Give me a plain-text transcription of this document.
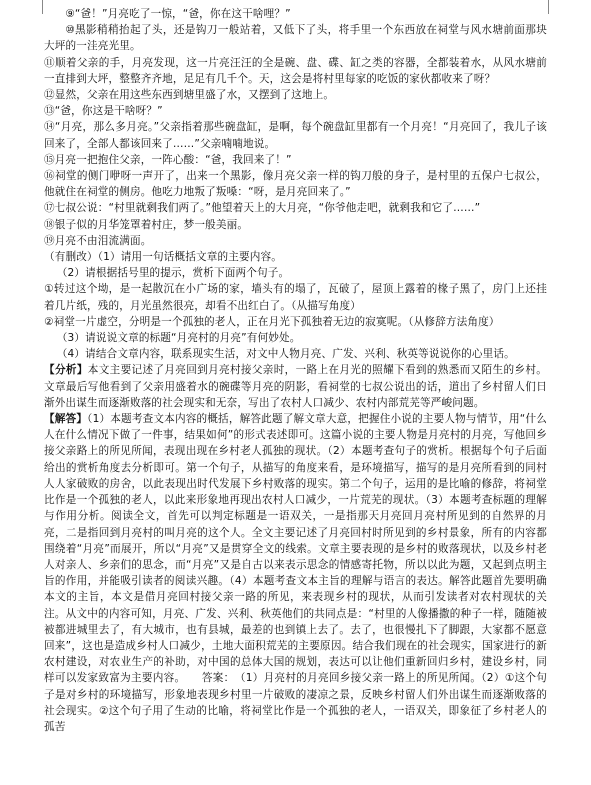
⑨“爸！”月亮吃了一惊，“爸，你在这干啥哩？”

⑩黑影稍稍抬起了头，还是钩刀一般站着，又低下了头，将手里一个东西放在祠堂与风水塘前面那块大坪的一洼亮光里。

⑪顺着父亲的手，月亮发现，这一片亮汪汪的全是碗、盘、碟、缸之类的容器，全都装着水，从风水塘前一直排到大坪，整整齐齐地，足足有几千个。天，这会是将村里每家的吃饭的家伙都收来了呀？

⑫显然，父亲在用这些东西到塘里盛了水，又摆到了这地上。

⑬“爸，你这是干啥呀？”

⑭“月亮，那么多月亮。”父亲指着那些碗盘缸，是啊，每个碗盘缸里都有一个月亮！“月亮回了，我儿子该回来了，全部人都该回来了……”父亲喃喃地说。

⑮月亮一把抱住父亲，一阵心酸：“爸，我回来了！”

⑯祠堂的侧门咿呀一声开了，出来一个黑影，像月亮父亲一样的钩刀般的身子，是村里的五保户七叔公，他就住在祠堂的侧房。他吃力地叛了叛嗓：“呀，是月亮回来了。”

⑰七叔公说：“村里就剩我们两了。”他望着天上的大月亮，“你爷他走吧，就剩我和它了……”

⑱银子似的月华笼罩着村庄，梦一般美丽。

⑲月亮不由泪流满面。

（有删改）（1）请用一句话概括文章的主要内容。

（2）请根据括号里的提示，赏析下面两个句子。

①转过这个坳，是一起散沉在小广场的家，墙头有的塌了，瓦破了，屋顶上露着的椽子黑了，房门上还挂着几片纸，残的，月光虽然很亮，却看不出红白了。（从描写角度）

②祠堂一片虚空，分明是一个孤独的老人，正在月光下孤独着无边的寂寞呢。（从修辞方法角度）

（3）请说说文章的标题“月亮村的月亮”有何妙处。

（4）请结合文章内容，联系现实生活，对文中人物月亮、广发、兴利、秋英等说说你的心里话。

【分析】本文主要记述了月亮回到月亮村接父亲时，一路上在月光的照耀下看到的熟悉而又陌生的乡村。文章最后写他看到了父亲用盛着水的碗碟等月亮的阴影，看祠堂的七叔公说出的话，道出了乡村留人们日渐外出谋生而逐渐败落的社会现实和无奈，写出了农村人口减少、农村内部荒芜等严峻问题。

【解答】（1）本题考查文本内容的概括，解答此题了解文章大意，把握住小说的主要人物与情节，用“什么人在什么情况下做了一件事，结果如何”的形式表述即可。这篇小说的主要人物是月亮村的月亮，写他回乡接父亲路上的所见所闻，表现出现在乡村老人孤独的现状。（2）本题考查句子的赏析。根据每个句子后面给出的赏析角度去分析即可。第一个句子，从描写的角度来看，是环境描写，描写的是月亮所看到的同村人人家破败的房舍，以此表现出时代发展下乡村败落的现实。第二个句子，运用的是比喻的修辞，将祠堂比作是一个孤独的老人，以此来形象地再现出农村人口减少，一片荒芜的现状。（3）本题考查标题的理解与作用分析。阅读全文，首先可以判定标题是一语双关，一是指那天月亮回月亮村所见到的自然界的月亮，二是指回到月亮村的叫月亮的这个人。全文主要记述了月亮回村时所见到的乡村景象，所有的内容都围绕着“月亮”而展开，所以“月亮”又是贯穿全文的线索。文章主要表现的是乡村的败落现状，以及乡村老人对亲人、乡亲们的思念，而“月亮”又是自古以来表示思念的情感寄托物，所以以此为题，又起到点明主旨的作用，并能吸引读者的阅读兴趣。（4）本题考查文本主旨的理解与语言的表达。解答此题首先要明确本文的主旨，本文是借月亮回村接父亲一路的所见，来表现乡村的现状，从而引发读者对农村现状的关注。从文中的内容可知，月亮、广发、兴利、秋英他们的共同点是：“村里的人像播撒的种子一样，随随被被都进城里去了，有大城市，也有县城，最差的也到镇上去了。去了，也很慢扎下了脚跟，大家都不愿意回来”，这也是造成乡村人口减少，土地大面积荒芜的主要原因。结合我们现在的社会现实，国家进行的新农村建设，对农业生产的补助，对中国的总体大国的规划，表达可以让他们重新回归乡村，建设乡村，同样可以发家致富为主要内容。　　 答案：　 （1）月亮村的月亮回乡接父亲一路上的所见所闻。（2）①这个句子是对乡村的环境描写，形象地表现乡村里一片破败的凄凉之景，反映乡村留人们外出谋生而逐渐败落的社会现实。②这个句子用了生动的比喻，将祠堂比作是一个孤独的老人，一语双关，即象征了乡村老人的孤苦
